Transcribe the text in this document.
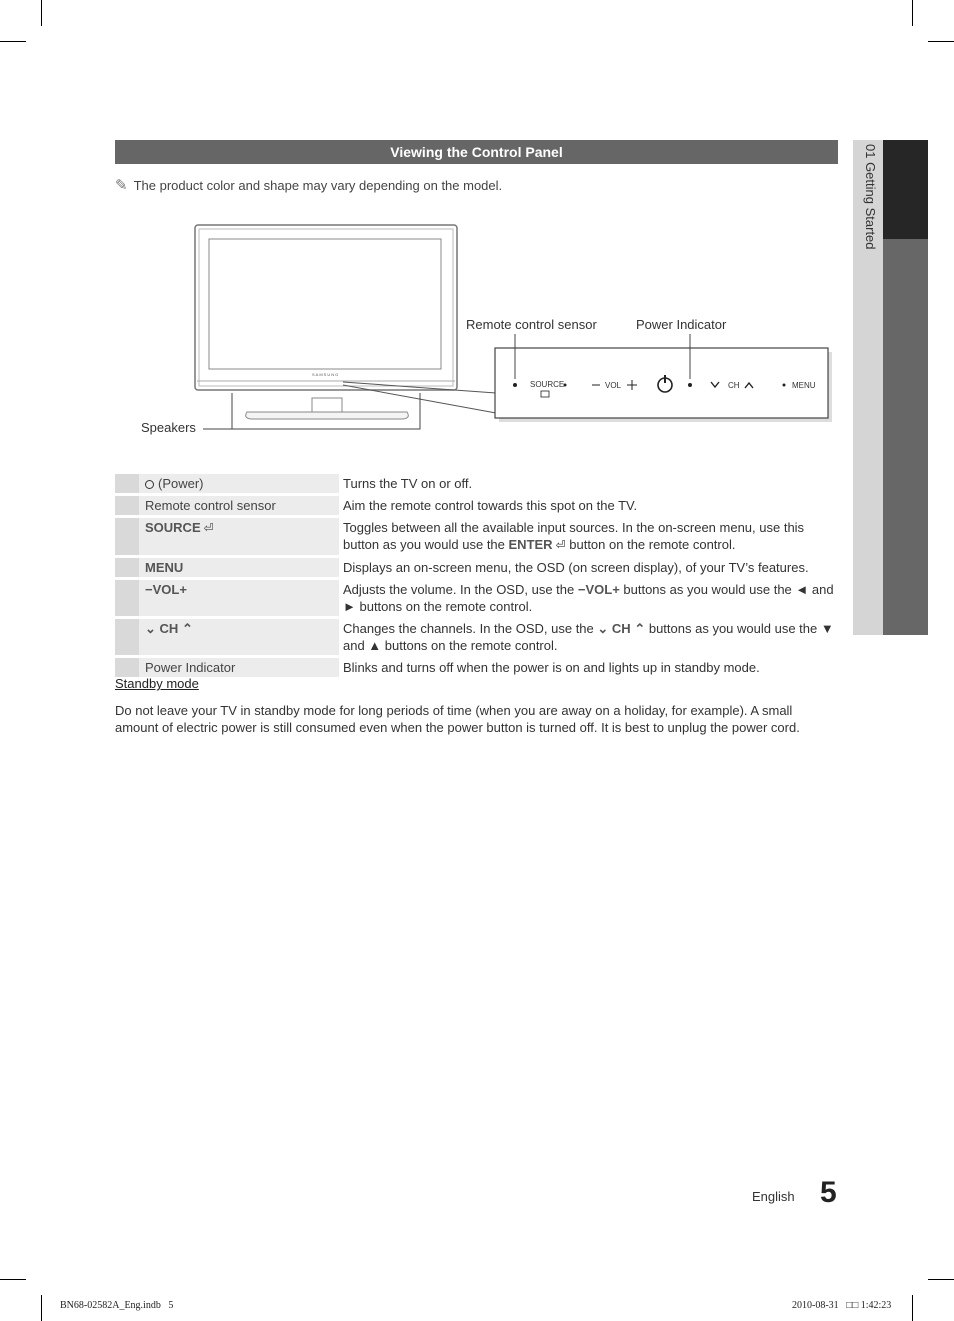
01 Getting Started
Viewing the Control Panel
✎ The product color and shape may vary depending on the model.
SAMSUNG
Remote control sensor	Power Indicator
Speakers
SOURCE	VOL	CH	MENU
	(Power)		Turns the TV on or off.
	Remote control sensor		Aim the remote control towards this spot on the TV.
	SOURCE ⏎		Toggles between all the available input sources. In the on-screen menu, use this button as you would use the ENTER ⏎ button on the remote control.
	MENU		Displays an on-screen menu, the OSD (on screen display), of your TV’s features.
	−VOL+		Adjusts the volume. In the OSD, use the −VOL+ buttons as you would use the ◄ and ► buttons on the remote control.
	⌄ CH ⌃		Changes the channels. In the OSD, use the ⌄ CH ⌃ buttons as you would use the ▼ and ▲ buttons on the remote control.
	Power Indicator		Blinks and turns off when the power is on and lights up in standby mode.
Standby mode
Do not leave your TV in standby mode for long periods of time (when you are away on a holiday, for example). A small amount of electric power is still consumed even when the power button is turned off. It is best to unplug the power cord.
English 5
BN68-02582A_Eng.indb   5	2010-08-31   □□ 1:42:23
